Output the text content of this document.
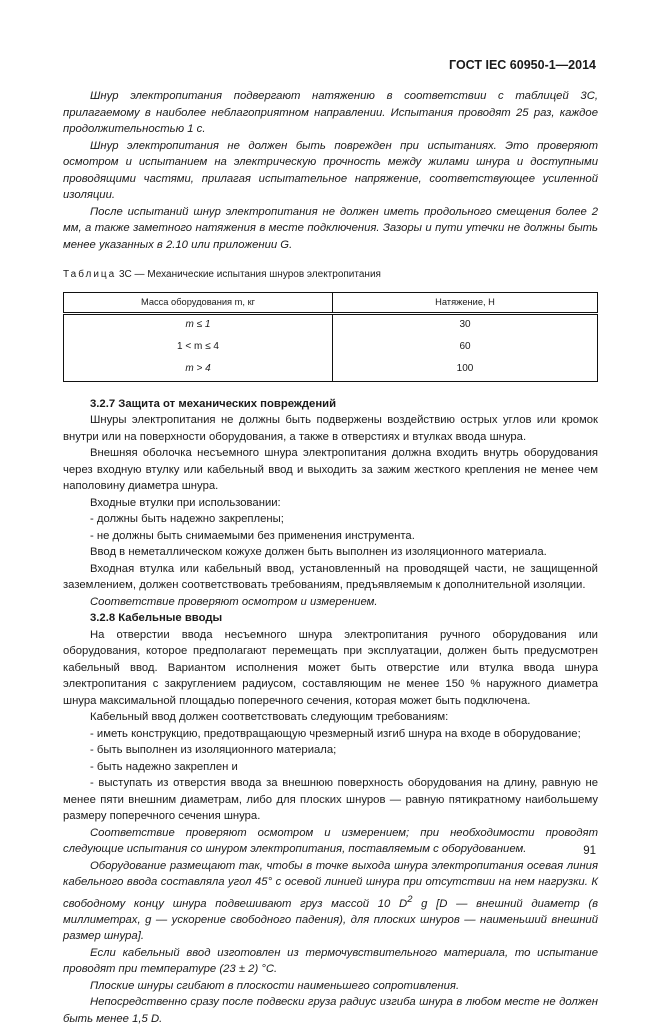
ГОСТ IEC 60950-1—2014

Шнур электропитания подвергают натяжению в соответствии с таблицей 3С, прилагаемому в наиболее неблагоприятном направлении. Испытания проводят 25 раз, каждое продолжительностью 1 с.

Шнур электропитания не должен быть поврежден при испытаниях. Это проверяют осмотром и испытанием на электрическую прочность между жилами шнура и доступными проводящими частями, прилагая испытательное напряжение, соответствующее усиленной изоляции.

После испытаний шнур электропитания не должен иметь продольного смещения более 2 мм, а также заметного натяжения в месте подключения. Зазоры и пути утечки не должны быть менее указанных в 2.10 или приложении G.

Таблица 3С — Механические испытания шнуров электропитания

Масса оборудования m, кг	Натяжение, Н
m ≤ 1	30
1 < m ≤ 4	60
m > 4	100

3.2.7 Защита от механических повреждений

Шнуры электропитания не должны быть подвержены воздействию острых углов или кромок внутри или на поверхности оборудования, а также в отверстиях и втулках ввода шнура.

Внешняя оболочка несъемного шнура электропитания должна входить внутрь оборудования через входную втулку или кабельный ввод и выходить за зажим жесткого крепления не менее чем наполовину диаметра шнура.

Входные втулки при использовании:

- должны быть надежно закреплены;

- не должны быть снимаемыми без применения инструмента.

Ввод в неметаллическом кожухе должен быть выполнен из изоляционного материала.

Входная втулка или кабельный ввод, установленный на проводящей части, не защищенной заземлением, должен соответствовать требованиям, предъявляемым к дополнительной изоляции.

Соответствие проверяют осмотром и измерением.

3.2.8 Кабельные вводы

На отверстии ввода несъемного шнура электропитания ручного оборудования или оборудования, которое предполагают перемещать при эксплуатации, должен быть предусмотрен кабельный ввод. Вариантом исполнения может быть отверстие или втулка ввода шнура электропитания с закруглением радиусом, составляющим не менее 150 % наружного диаметра шнура максимальной площадью поперечного сечения, которая может быть подключена.

Кабельный ввод должен соответствовать следующим требованиям:

- иметь конструкцию, предотвращающую чрезмерный изгиб шнура на входе в оборудование;

- быть выполнен из изоляционного материала;

- быть надежно закреплен и

- выступать из отверстия ввода за внешнюю поверхность оборудования на длину, равную не менее пяти внешним диаметрам, либо для плоских шнуров — равную пятикратному наибольшему размеру поперечного сечения шнура.

Соответствие проверяют осмотром и измерением; при необходимости проводят следующие испытания со шнуром электропитания, поставляемым с оборудованием.

Оборудование размещают так, чтобы в точке выхода шнура электропитания осевая линия кабельного ввода составляла угол 45° с осевой линией шнура при отсутствии на нем нагрузки. К свободному концу шнура подвешивают груз массой 10 $D^2$ g [D — внешний диаметр (в миллиметрах, g — ускорение свободного падения), для плоских шнуров — наименьший внешний размер шнура].

Если кабельный ввод изготовлен из термочувствительного материала, то испытание проводят при температуре (23 ± 2) °С.

Плоские шнуры сгибают в плоскости наименьшего сопротивления.

Непосредственно сразу после подвески груза радиус изгиба шнура в любом месте не должен быть менее 1,5 D.

91
